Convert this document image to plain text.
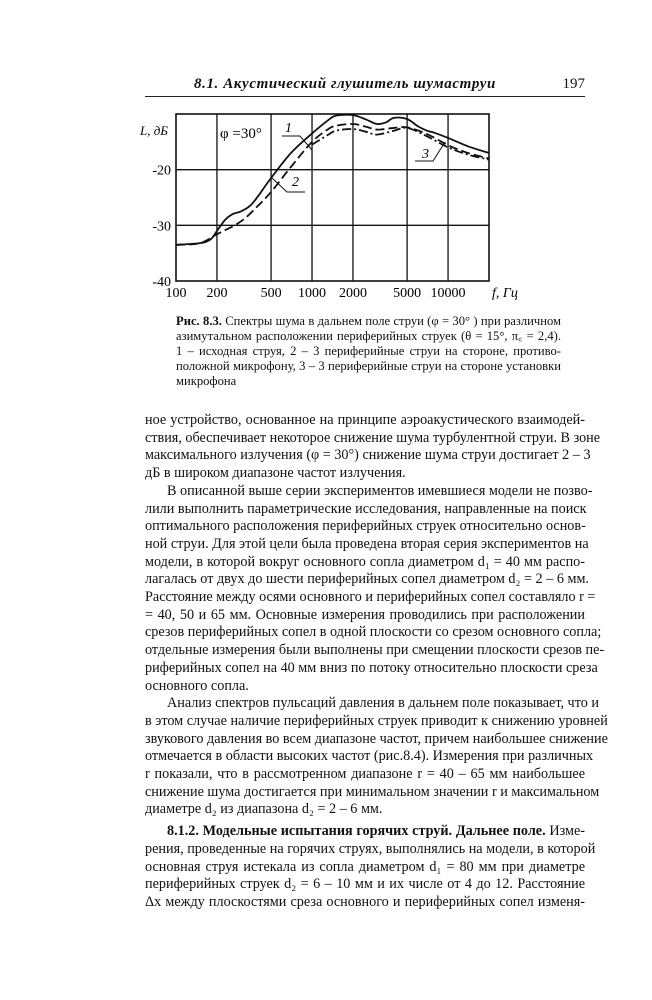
8.1. Акустический глушитель шумаструи	197
100 200 500 1000 2000 5000 10000
-20
-30
-40
L, дБ
f, Гц
φ =30° 1
2
3
Рис. 8.3. Спектры шума в дальнем поле струи (φ = 30° ) при различном
азимутальном расположении периферийных струек (θ = 15°, π꜀ = 2,4).
1 – исходная струя, 2 – 3 периферийные струи на стороне, противо-
положной микрофону, 3 – 3 периферийные струи на стороне установки
микрофона
ное устройство, основанное на принципе аэроакустического взаимодей-
ствия, обеспечивает некоторое снижение шума турбулентной струи. В зоне
максимального излучения (φ = 30°) снижение шума струи достигает 2 – 3
дБ в широком диапазоне частот излучения.
В описанной выше серии экспериментов имевшиеся модели не позво-
лили выполнить параметрические исследования, направленные на поиск
оптимального расположения периферийных струек относительно основ-
ной струи. Для этой цели была проведена вторая серия экспериментов на
модели, в которой вокруг основного сопла диаметром d₁ = 40 мм распо-
лагалась от двух до шести периферийных сопел диаметром d₂ = 2 – 6 мм.
Расстояние между осями основного и периферийных сопел составляло r =
= 40, 50 и 65 мм. Основные измерения проводились при расположении
срезов периферийных сопел в одной плоскости со срезом основного сопла;
отдельные измерения были выполнены при смещении плоскости срезов пе-
риферийных сопел на 40 мм вниз по потоку относительно плоскости среза
основного сопла.
Анализ спектров пульсаций давления в дальнем поле показывает, что и
в этом случае наличие периферийных струек приводит к снижению уровней
звукового давления во всем диапазоне частот, причем наибольшее снижение
отмечается в области высоких частот (рис.8.4). Измерения при различных
r показали, что в рассмотренном диапазоне r = 40 – 65 мм наибольшее
снижение шума достигается при минимальном значении r и максимальном
диаметре d₂ из диапазона d₂ = 2 – 6 мм.
8.1.2. Модельные испытания горячих струй. Дальнее поле. Изме-
рения, проведенные на горячих струях, выполнялись на модели, в которой
основная струя истекала из сопла диаметром d₁ = 80 мм при диаметре
периферийных струек d₂ = 6 – 10 мм и их числе от 4 до 12. Расстояние
Δx между плоскостями среза основного и периферийных сопел изменя-
